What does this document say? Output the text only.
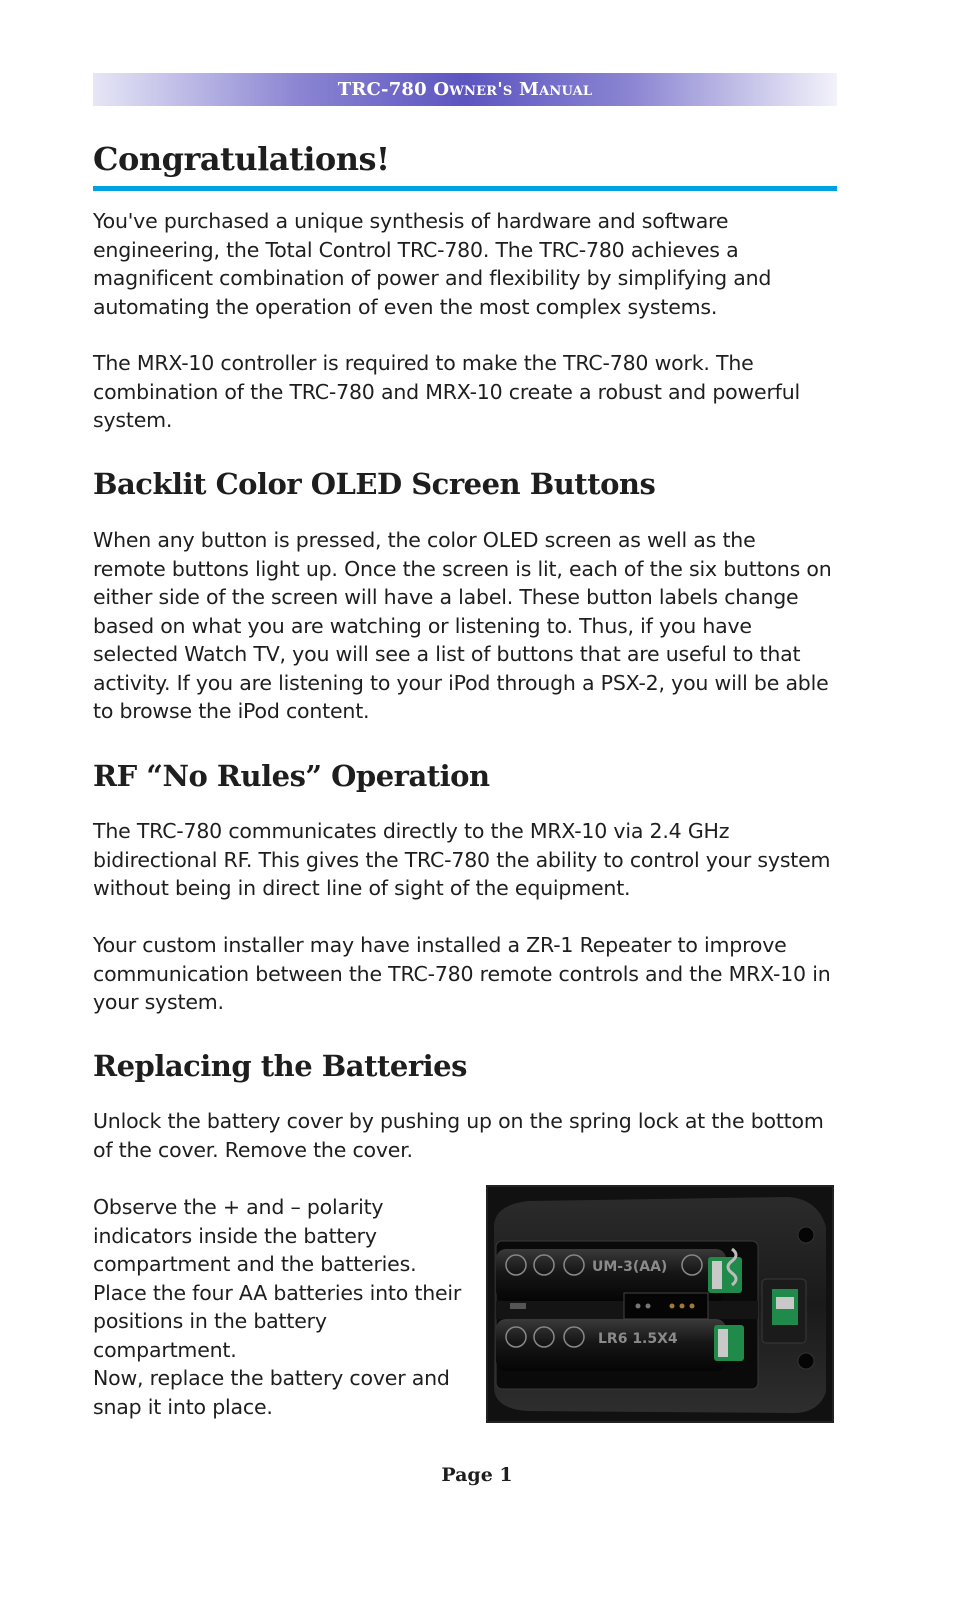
TRC-780 Owner's Manual
Congratulations!

You've purchased a unique synthesis of hardware and software engineering, the Total Control TRC-780. The TRC-780 achieves a magnificent combination of power and flexibility by simplifying and automating the operation of even the most complex systems.

The MRX-10 controller is required to make the TRC-780 work. The combination of the TRC-780 and MRX-10 create a robust and powerful system.

Backlit Color OLED Screen Buttons

When any button is pressed, the color OLED screen as well as the remote buttons light up. Once the screen is lit, each of the six buttons on either side of the screen will have a label. These button labels change based on what you are watching or listening to. Thus, if you have selected Watch TV, you will see a list of buttons that are useful to that activity. If you are listening to your iPod through a PSX-2, you will be able to browse the iPod content.

RF “No Rules” Operation

The TRC-780 communicates directly to the MRX-10 via 2.4 GHz bidirectional RF. This gives the TRC-780 the ability to control your system without being in direct line of sight of the equipment.

Your custom installer may have installed a ZR-1 Repeater to improve communication between the TRC-780 remote controls and the MRX-10 in your system.

Replacing the Batteries

Unlock the battery cover by pushing up on the spring lock at the bottom of the cover. Remove the cover.

Observe the + and – polarity indicators inside the battery compartment and the batteries. Place the four AA batteries into their positions in the battery compartment.

Now, replace the battery cover and snap it into place.

UM-3(AA)
LR6 1.5X4
Page 1
